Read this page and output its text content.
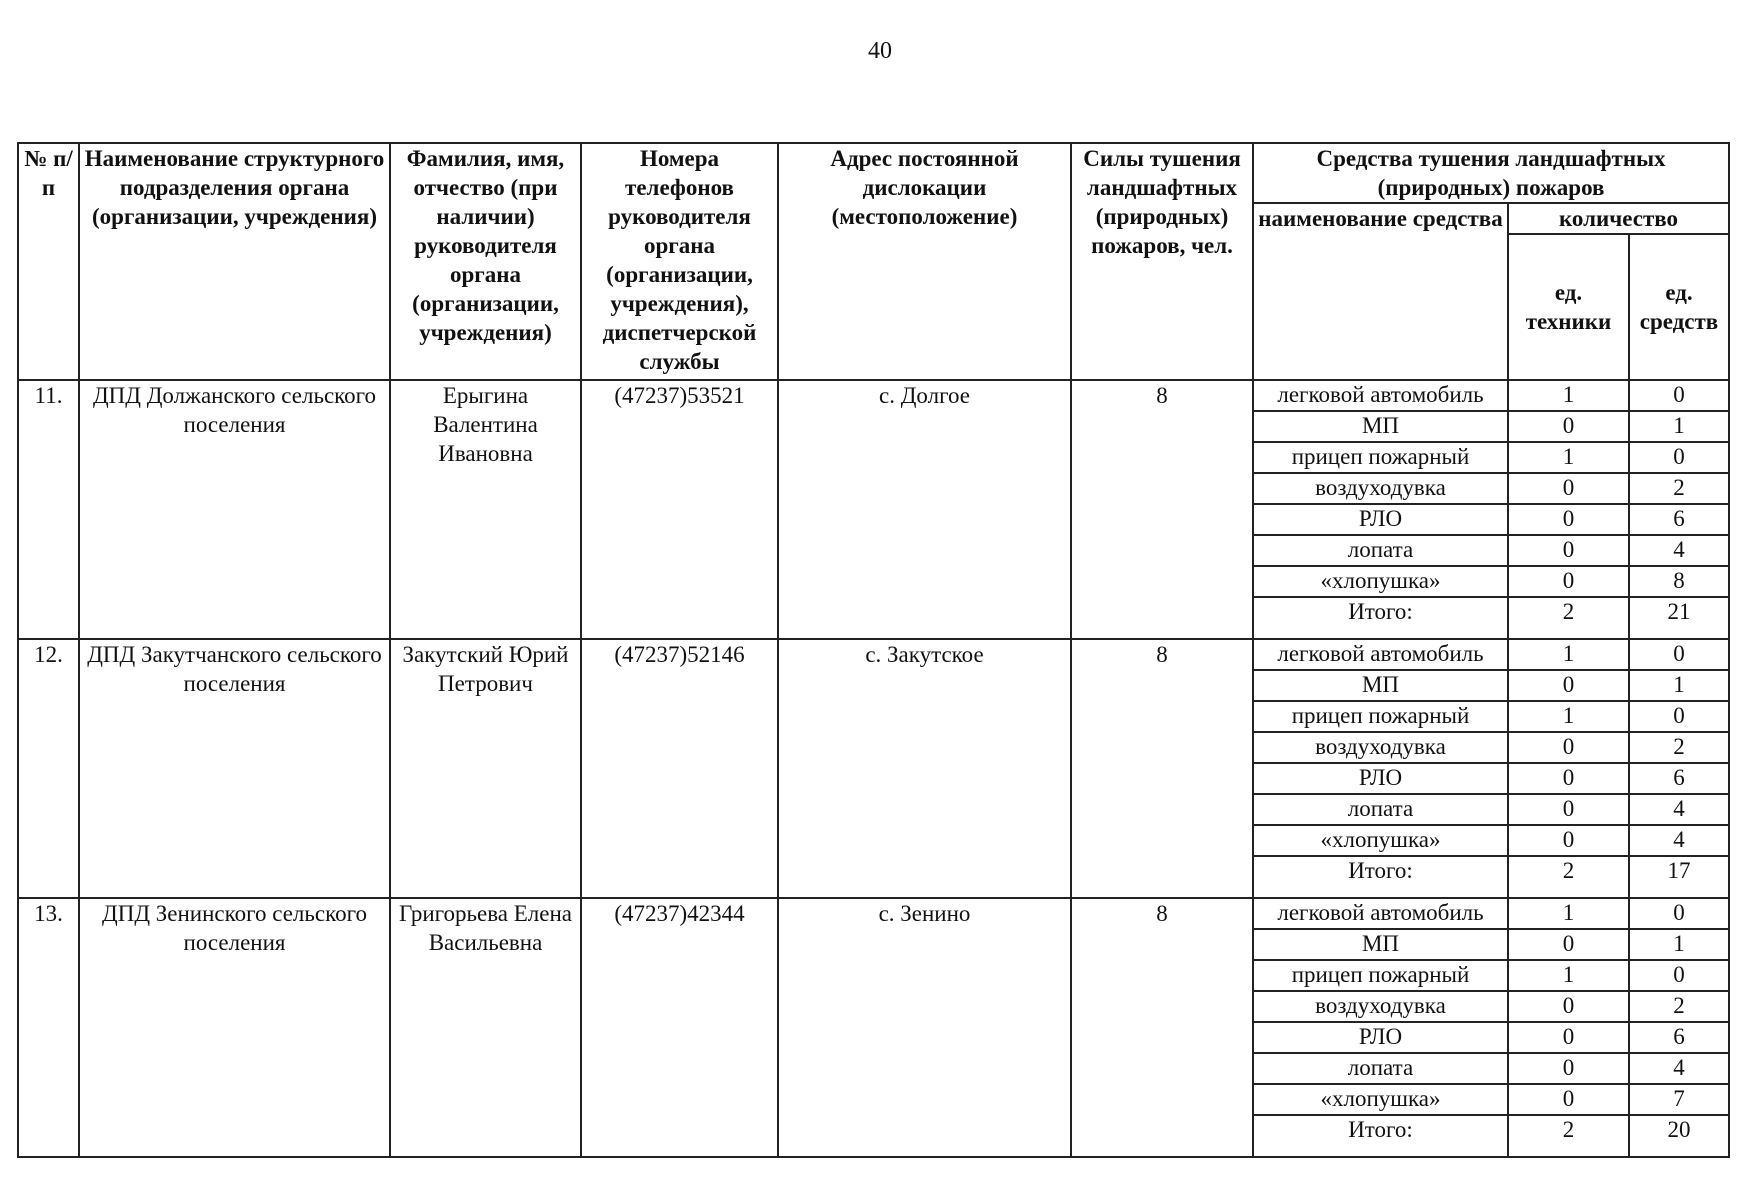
40
№ п/п	Наименование структурного подразделения органа (организации, учреждения)	Фамилия, имя, отчество (при наличии) руководителя органа (организации, учреждения)	Номера телефонов руководителя органа (организации, учреждения), диспетчерской службы	Адрес постоянной дислокации (местоположение)	Силы тушения ландшафтных (природных) пожаров, чел.	Средства тушения ландшафтных (природных) пожаров		
						наименование средства	количество	
							ед. техники	ед. средств
11.	ДПД Должанского сельского поселения	Ерыгина Валентина Ивановна	(47237)53521	с. Долгое	8	легковой автомобиль	1	0
						МП	0	1
						прицеп пожарный	1	0
						воздуходувка	0	2
						РЛО	0	6
						лопата	0	4
						«хлопушка»	0	8
						Итого:	2	21
12.	ДПД Закутчанского сельского поселения	Закутский Юрий Петрович	(47237)52146	с. Закутское	8	легковой автомобиль	1	0
						МП	0	1
						прицеп пожарный	1	0
						воздуходувка	0	2
						РЛО	0	6
						лопата	0	4
						«хлопушка»	0	4
						Итого:	2	17
13.	ДПД Зенинского сельского поселения	Григорьева Елена Васильевна	(47237)42344	с. Зенино	8	легковой автомобиль	1	0
						МП	0	1
						прицеп пожарный	1	0
						воздуходувка	0	2
						РЛО	0	6
						лопата	0	4
						«хлопушка»	0	7
						Итого:	2	20
